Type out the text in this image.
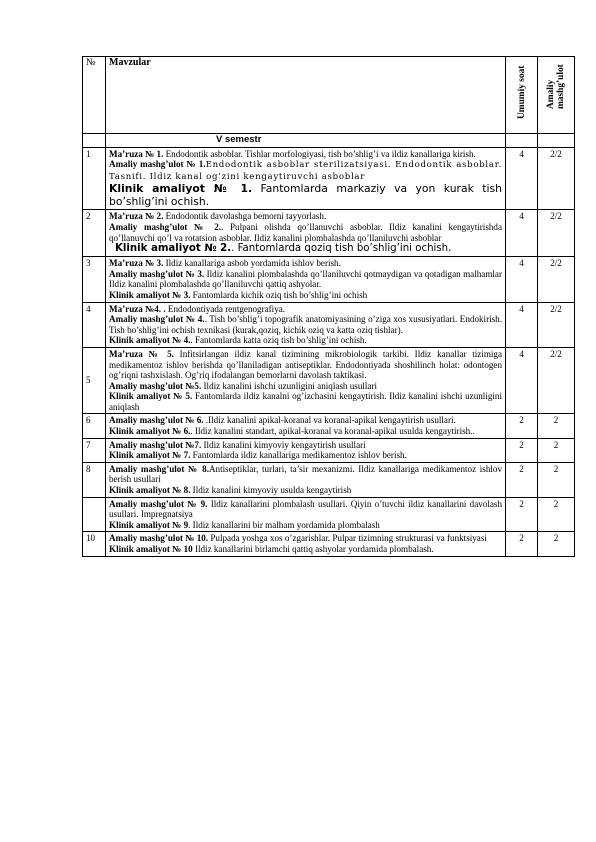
№	Mavzular	Umumiy soat	Amaliy mashg’ulot

	V semestr		
1	Ma’ruza № 1. Endodontik asboblar. Tishlar morfologiyasi, tish bo’shlig’i va ildiz kanallariga kirish.

Amaliy mashg’ulot № 1.Endodontik asboblar sterilizatsiyasi. Endodontik asboblar. Tasnifi. Ildiz kanal og’zini kengaytiruvchi asboblar

Klinik amaliyot № 1. Fantomlarda markaziy va yon kurak tish bo’shlig’ini ochish.	4	2/2
2	Ma’ruza № 2. Endodontik davolashga bemorni tayyorlash.

Amaliy mashg’ulot № 2.. Pulpani olishda qo’llanuvchi asboblar. Ildiz kanalini kengaytirishda qo’llanuvchi qo’l va rotatsion asboblar. Ildiz kanalini plombalashda qo’llaniluvchi asboblar

Klinik amaliyot № 2.. Fantomlarda qoziq tish bo’shlig’ini ochish.	4	2/2
3	Ma’ruza № 3. Ildiz kanallariga asbob yordamida ishlov berish.

Amaliy mashg’ulot № 3. Ildiz kanalini plombalashda qo’llaniluvchi qotmaydigan va qotadigan malhamlar Ildiz kanalini plombalashda qo’llaniluvchi qattiq ashyolar.

Klinik amaliyot № 3. Fantomlarda kichik oziq tish bo’shlig’ini ochish	4	2/2
4	Ma’ruza №4. . Endodontiyada rentgenografiya.

Amaliy mashg’ulot № 4.. Tish bo’shlig’i topografik anatomiyasining o’ziga xos xususiyatlari. Endokirish. Tish bo’shlig’ini ochish texnikasi (kurak,qoziq, kichik oziq va katta oziq tishlar).

Klinik amaliyot № 4.. Fantomlarda katta oziq tish bo’shlig’ini ochish.	4	2/2
5	Ma’ruza № 5. Infitsirlangan ildiz kanal tizimining mikrobiologik tarkibi. Ildiz kanallar tizimiga medikamentoz ishlov berishda qo’llaniladigan antiseptiklar. Endodontiyada shoshilinch holat: odontogen og’riqni tashxislash. Og’riq ifodalangan bemorlarni davolash taktikasi.

Amaliy mashg’ulot №5. Ildiz kanalini ishchi uzunligini aniqlash usullari

Klinik amaliyot № 5. Fantomlarda ildiz kanalni og’izchasini kengaytirish. Ildiz kanalini ishchi uzunligini aniqlash	4	2/2
6	Amaliy mashg’ulot № 6. .Ildiz kanalini apikal-koranal va koranal-apikal kengaytirish usullari.

Klinik amaliyot № 6.. Ildiz kanalini standart, apikal-koranal va koranal-apikal usulda kengaytirish..	2	2
7	Amaliy mashg’ulot №7. Ildiz kanalini kimyoviy kengaytirish usullari

Klinik amaliyot № 7. Fantomlarda ildiz kanallariga medikamentoz ishlov berish.	2	2
8	Amaliy mashg’ulot № 8.Antiseptiklar, turlari, ta’sir mexanizmi. Ildiz kanallariga medikamentoz ishlov berish usullari

Klinik amaliyot № 8. Ildiz kanalini kimyoviy usulda kengaytirish	2	2

	Amaliy mashg’ulot № 9. Ildiz kanallarini plombalash usullari. Qiyin o’tuvchi ildiz kanallarini davolash usullari. Impregnatsiya

Klinik amaliyot № 9. Ildiz kanallarini bir malham yordamida plombalash	2	2
10	Amaliy mashg’ulot № 10. Pulpada yoshga xos o’zgarishlar. Pulpar tizimning strukturasi va funktsiyasi

Klinik amaliyot № 10 Ildiz kanallarini birlamchi qattiq ashyolar yordamida plombalash.	2	2
